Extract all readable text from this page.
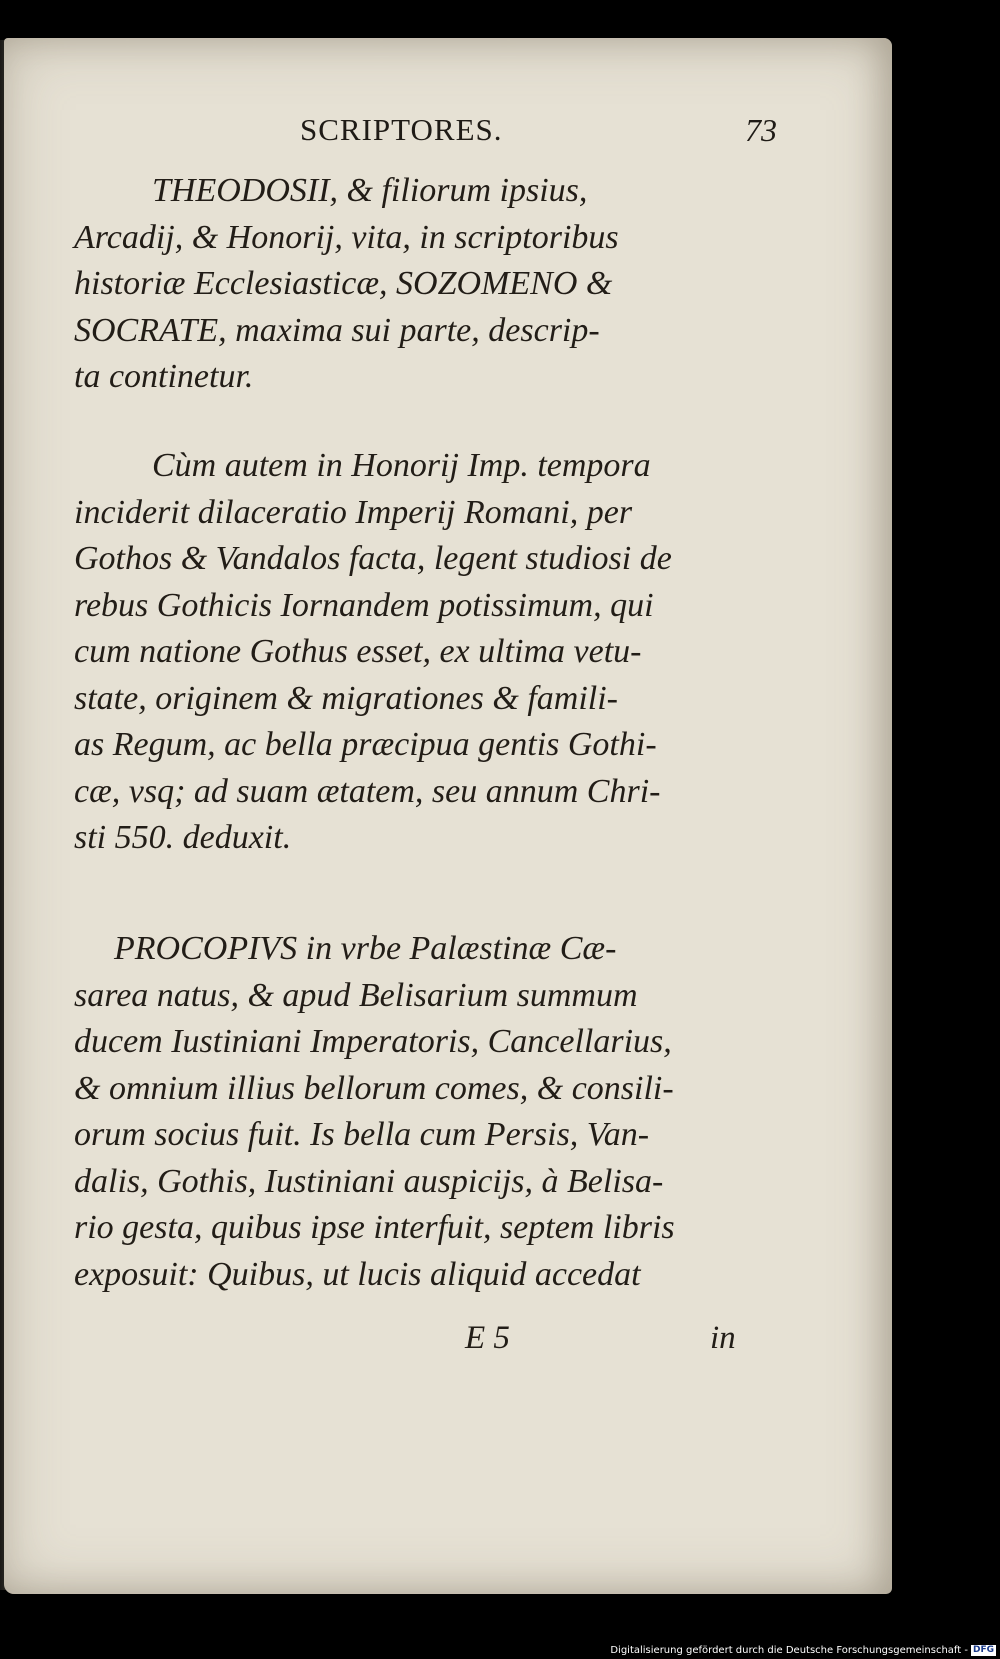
SCRIPTORES.	73

THEODOSII, & filiorum ipsius,
Arcadij, & Honorij, vita, in scriptoribus
historiæ Ecclesiasticæ, SOZOMENO &
SOCRATE, maxima sui parte, descrip-
ta continetur.

Cùm autem in Honorij Imp. tempora
inciderit dilaceratio Imperij Romani, per
Gothos & Vandalos facta, legent studiosi de
rebus Gothicis Iornandem potissimum, qui
cum natione Gothus esset, ex ultima vetu-
state, originem & migrationes & famili-
as Regum, ac bella præcipua gentis Gothi-
cæ, vsq; ad suam ætatem, seu annum Chri-
sti 550. deduxit.

PROCOPIVS in vrbe Palæstinæ Cæ-
sarea natus, & apud Belisarium summum
ducem Iustiniani Imperatoris, Cancellarius,
& omnium illius bellorum comes, & consili-
orum socius fuit. Is bella cum Persis, Van-
dalis, Gothis, Iustiniani auspicijs, à Belisa-
rio gesta, quibus ipse interfuit, septem libris
exposuit: Quibus, ut lucis aliquid accedat

E 5	in
Digitalisierung gefördert durch die Deutsche Forschungsgemeinschaft - DFG
